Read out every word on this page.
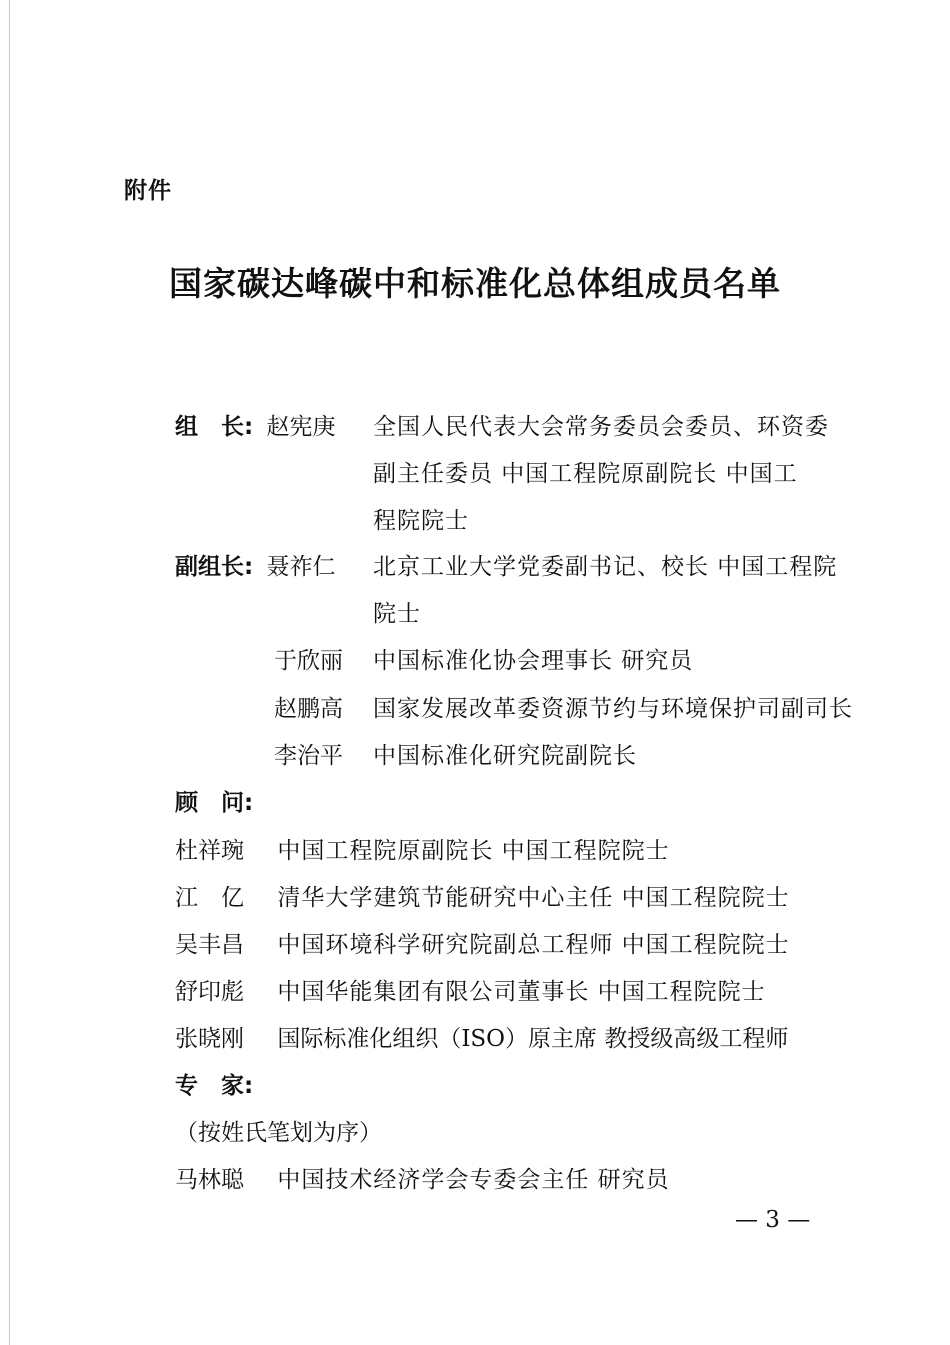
附件
国家碳达峰碳中和标准化总体组成员名单
组　长: 赵宪庚 全国人民代表大会常务委员会委员、环资委
副主任委员 中国工程院原副院长 中国工
程院院士
副组长: 聂祚仁 北京工业大学党委副书记、校长 中国工程院
院士
于欣丽 中国标准化协会理事长 研究员
赵鹏高 国家发展改革委资源节约与环境保护司副司长
李治平 中国标准化研究院副院长
顾　问:
杜祥琬 中国工程院原副院长 中国工程院院士
江　亿 清华大学建筑节能研究中心主任 中国工程院院士
吴丰昌 中国环境科学研究院副总工程师 中国工程院院士
舒印彪 中国华能集团有限公司董事长 中国工程院院士
张晓刚 国际标准化组织（ISO）原主席 教授级高级工程师
专　家:
（按姓氏笔划为序）
马林聪 中国技术经济学会专委会主任 研究员
— 3 —
